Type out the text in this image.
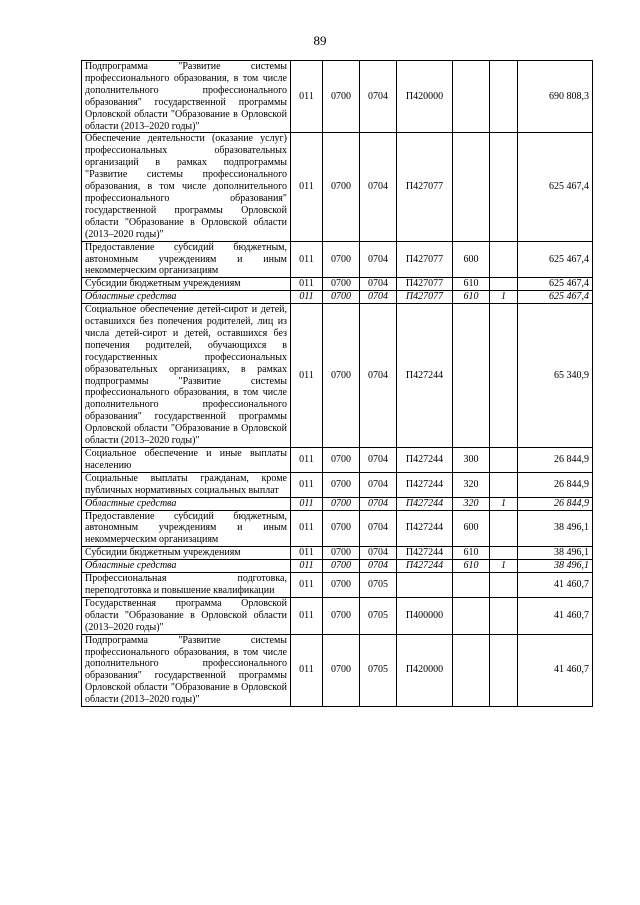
89
Подпрограмма "Развитие системы профессионального образования, в том числе дополнительного профессионального образования" государственной программы Орловской области "Образование в Орловской области (2013–2020 годы)"	011	0700	0704	П420000			690 808,3
Обеспечение деятельности (оказание услуг) профессиональных образовательных организаций в рамках подпрограммы "Развитие системы профессионального образования, в том числе дополнительного профессионального образования" государственной программы Орловской области "Образование в Орловской области (2013–2020 годы)"	011	0700	0704	П427077			625 467,4
Предоставление субсидий бюджетным, автономным учреждениям и иным некоммерческим организациям	011	0700	0704	П427077	600		625 467,4
Субсидии бюджетным учреждениям	011	0700	0704	П427077	610		625 467,4
Областные средства	011	0700	0704	П427077	610	1	625 467,4
Социальное обеспечение детей-сирот и детей, оставшихся без попечения родителей, лиц из числа детей-сирот и детей, оставшихся без попечения родителей, обучающихся в государственных профессиональных образовательных организациях, в рамках подпрограммы "Развитие системы профессионального образования, в том числе дополнительного профессионального образования" государственной программы Орловской области "Образование в Орловской области (2013–2020 годы)"	011	0700	0704	П427244			65 340,9
Социальное обеспечение и иные выплаты населению	011	0700	0704	П427244	300		26 844,9
Социальные выплаты гражданам, кроме публичных нормативных социальных выплат	011	0700	0704	П427244	320		26 844,9
Областные средства	011	0700	0704	П427244	320	1	26 844,9
Предоставление субсидий бюджетным, автономным учреждениям и иным некоммерческим организациям	011	0700	0704	П427244	600		38 496,1
Субсидии бюджетным учреждениям	011	0700	0704	П427244	610		38 496,1
Областные средства	011	0700	0704	П427244	610	1	38 496,1
Профессиональная подготовка, переподготовка и повышение квалификации	011	0700	0705				41 460,7
Государственная программа Орловской области "Образование в Орловской области (2013–2020 годы)"	011	0700	0705	П400000			41 460,7
Подпрограмма "Развитие системы профессионального образования, в том числе дополнительного профессионального образования" государственной программы Орловской области "Образование в Орловской области (2013–2020 годы)"	011	0700	0705	П420000			41 460,7
